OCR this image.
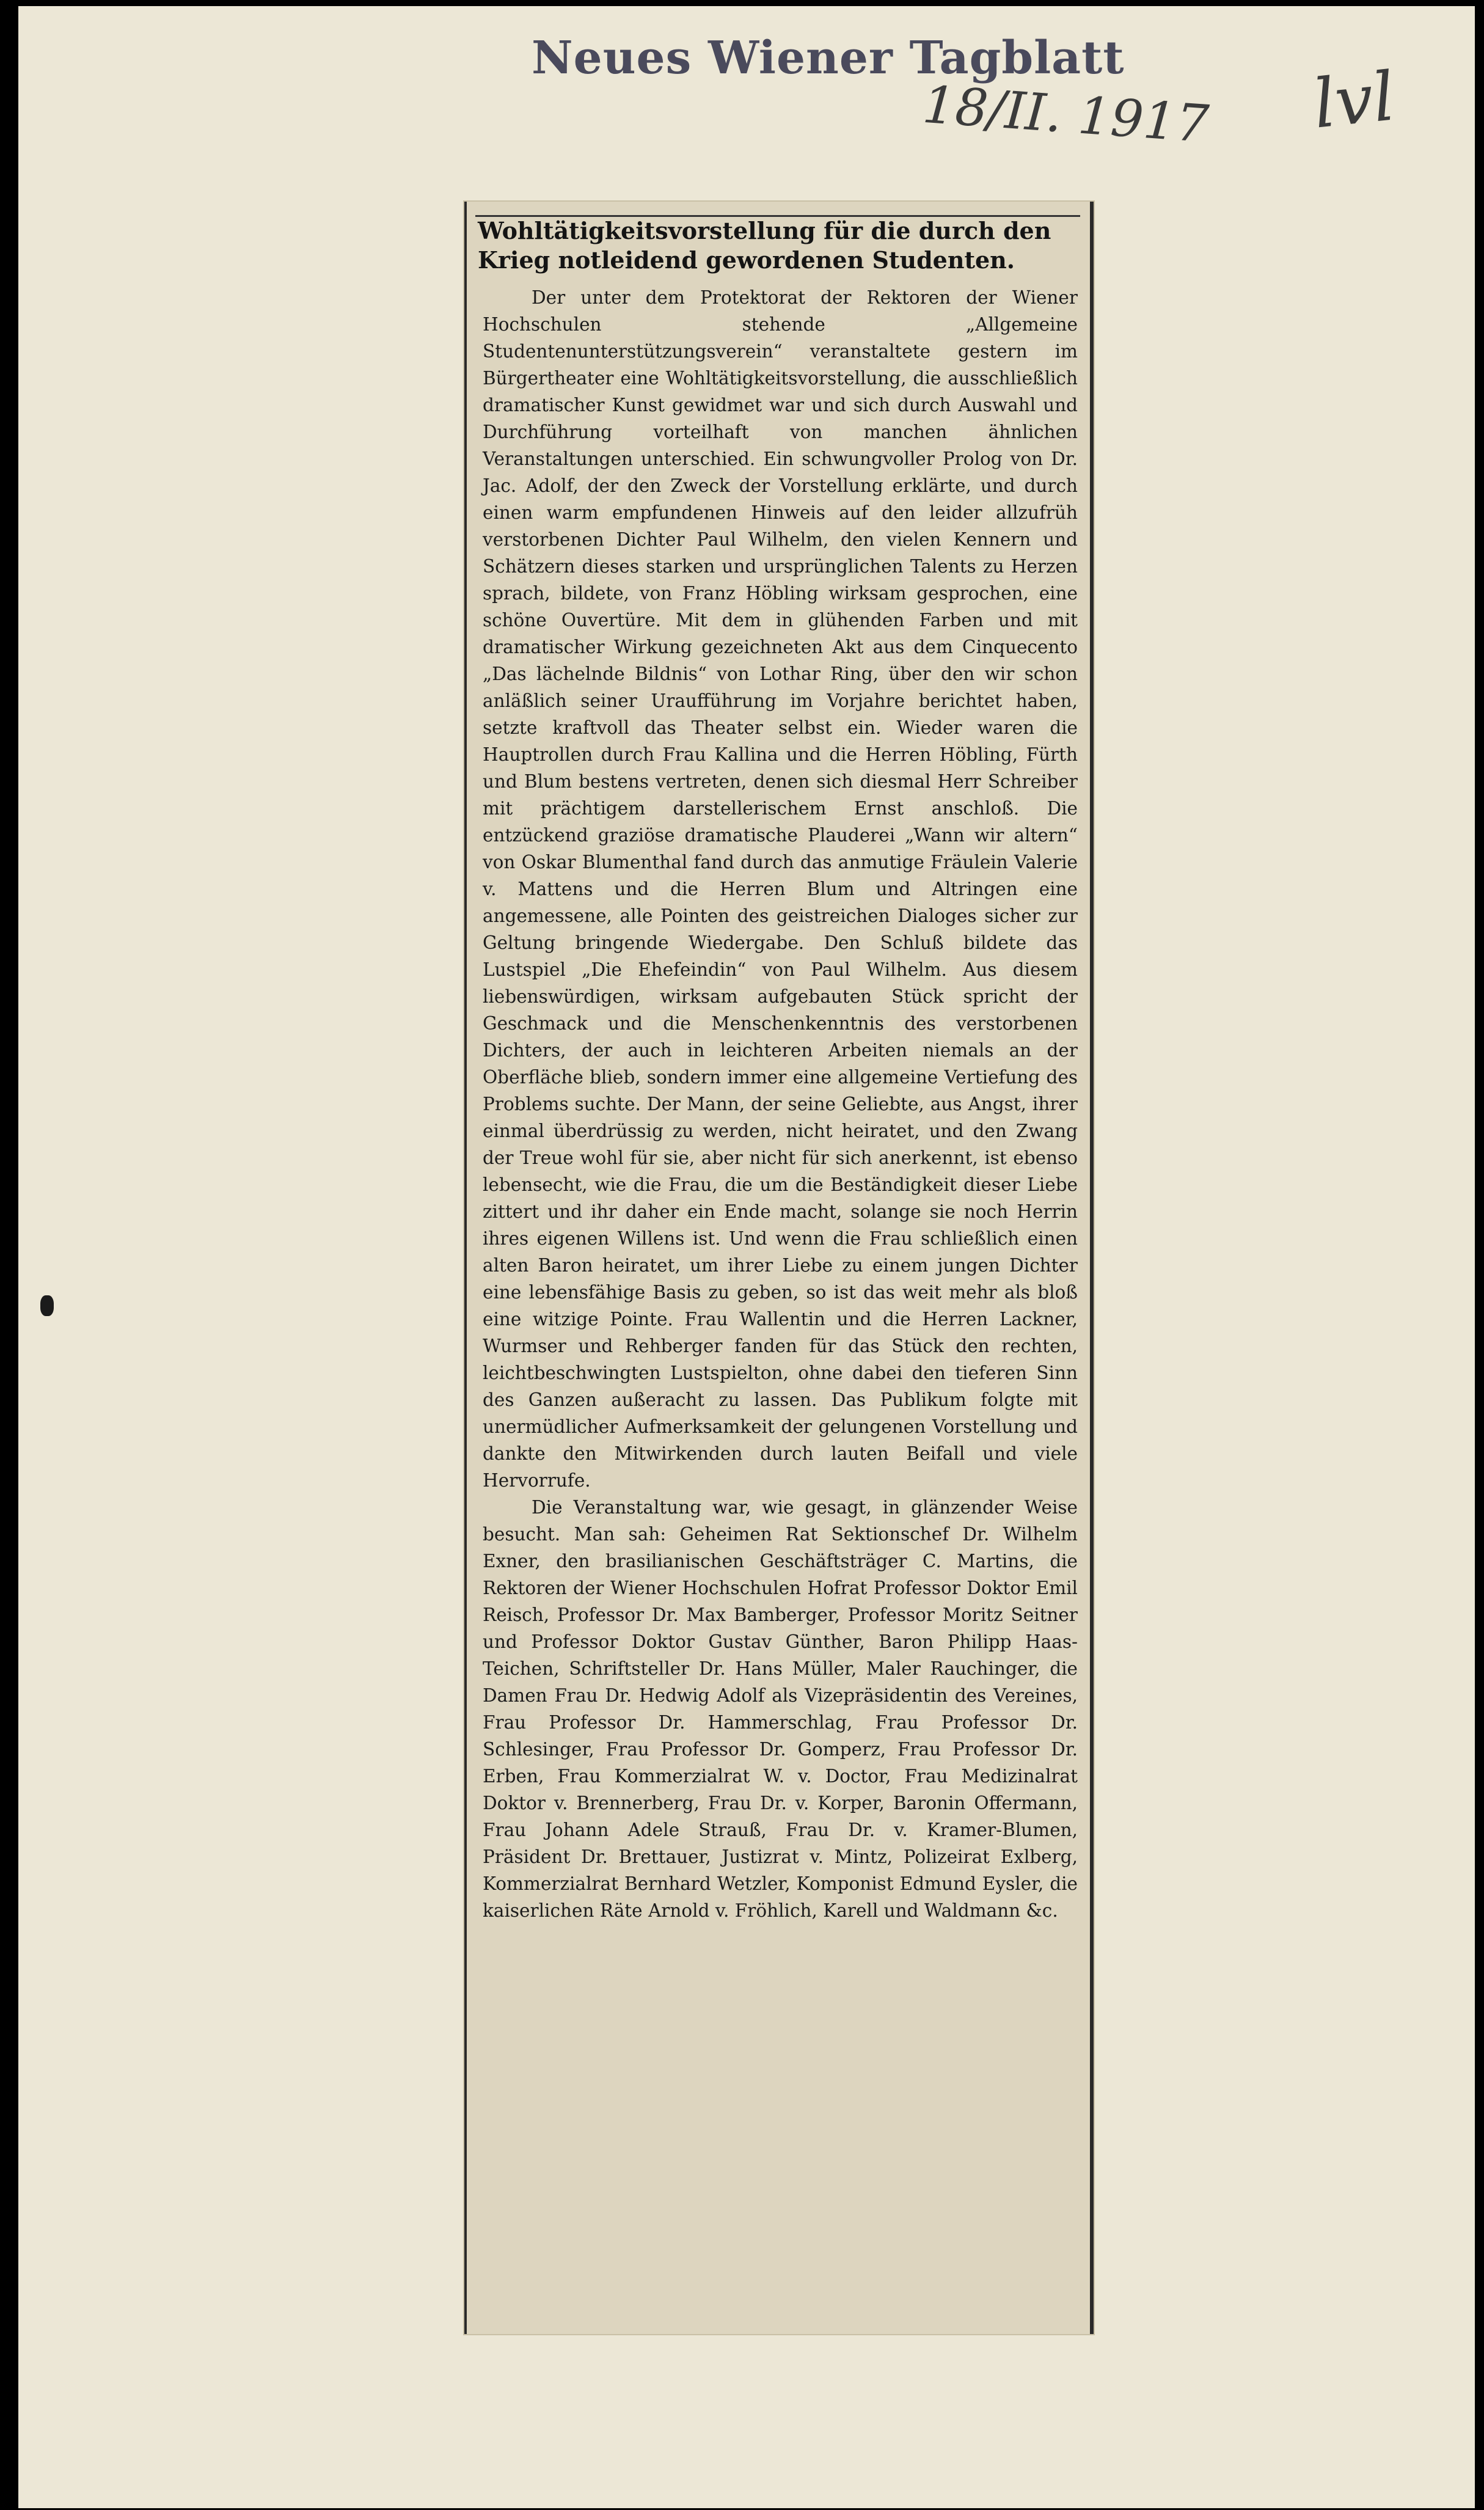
Neues Wiener Tagblatt
18/II. 1917 lvl
Wohltätigkeitsvorstellung für die durch den Krieg notleidend gewordenen Studenten.

Der unter dem Protektorat der Rektoren der Wiener Hochschulen stehende „Allgemeine Studentenunterstützungsverein“ veranstaltete gestern im Bürgertheater eine Wohltätigkeitsvorstellung, die ausschließlich dramatischer Kunst gewidmet war und sich durch Auswahl und Durchführung vorteilhaft von manchen ähnlichen Veranstaltungen unterschied. Ein schwungvoller Prolog von Dr. Jac. Adolf, der den Zweck der Vorstellung erklärte, und durch einen warm empfundenen Hinweis auf den leider allzufrüh verstorbenen Dichter Paul Wilhelm, den vielen Kennern und Schätzern dieses starken und ursprünglichen Talents zu Herzen sprach, bildete, von Franz Höbling wirksam gesprochen, eine schöne Ouvertüre. Mit dem in glühenden Farben und mit dramatischer Wirkung gezeichneten Akt aus dem Cinquecento „Das lächelnde Bildnis“ von Lothar Ring, über den wir schon anläßlich seiner Uraufführung im Vorjahre berichtet haben, setzte kraftvoll das Theater selbst ein. Wieder waren die Hauptrollen durch Frau Kallina und die Herren Höbling, Fürth und Blum bestens vertreten, denen sich diesmal Herr Schreiber mit prächtigem darstellerischem Ernst anschloß. Die entzückend graziöse dramatische Plauderei „Wann wir altern“ von Oskar Blumenthal fand durch das anmutige Fräulein Valerie v. Mattens und die Herren Blum und Altringen eine angemessene, alle Pointen des geistreichen Dialoges sicher zur Geltung bringende Wiedergabe. Den Schluß bildete das Lustspiel „Die Ehefeindin“ von Paul Wilhelm. Aus diesem liebenswürdigen, wirksam aufgebauten Stück spricht der Geschmack und die Menschenkenntnis des verstorbenen Dichters, der auch in leichteren Arbeiten niemals an der Oberfläche blieb, sondern immer eine allgemeine Vertiefung des Problems suchte. Der Mann, der seine Geliebte, aus Angst, ihrer einmal überdrüssig zu werden, nicht heiratet, und den Zwang der Treue wohl für sie, aber nicht für sich anerkennt, ist ebenso lebensecht, wie die Frau, die um die Beständigkeit dieser Liebe zittert und ihr daher ein Ende macht, solange sie noch Herrin ihres eigenen Willens ist. Und wenn die Frau schließlich einen alten Baron heiratet, um ihrer Liebe zu einem jungen Dichter eine lebensfähige Basis zu geben, so ist das weit mehr als bloß eine witzige Pointe. Frau Wallentin und die Herren Lackner, Wurmser und Rehberger fanden für das Stück den rechten, leichtbeschwingten Lustspielton, ohne dabei den tieferen Sinn des Ganzen außeracht zu lassen. Das Publikum folgte mit unermüdlicher Aufmerksamkeit der gelungenen Vorstellung und dankte den Mitwirkenden durch lauten Beifall und viele Hervorrufe.

Die Veranstaltung war, wie gesagt, in glänzender Weise besucht. Man sah: Geheimen Rat Sektionschef Dr. Wilhelm Exner, den brasilianischen Geschäftsträger C. Martins, die Rektoren der Wiener Hochschulen Hofrat Professor Doktor Emil Reisch, Professor Dr. Max Bamberger, Professor Moritz Seitner und Professor Doktor Gustav Günther, Baron Philipp Haas-Teichen, Schriftsteller Dr. Hans Müller, Maler Rauchinger, die Damen Frau Dr. Hedwig Adolf als Vizepräsidentin des Vereines, Frau Professor Dr. Hammerschlag, Frau Professor Dr. Schlesinger, Frau Professor Dr. Gomperz, Frau Professor Dr. Erben, Frau Kommerzialrat W. v. Doctor, Frau Medizinalrat Doktor v. Brennerberg, Frau Dr. v. Korper, Baronin Offermann, Frau Johann Adele Strauß, Frau Dr. v. Kramer-Blumen, Präsident Dr. Brettauer, Justizrat v. Mintz, Polizeirat Exlberg, Kommerzialrat Bernhard Wetzler, Komponist Edmund Eysler, die kaiserlichen Räte Arnold v. Fröhlich, Karell und Waldmann &c.
